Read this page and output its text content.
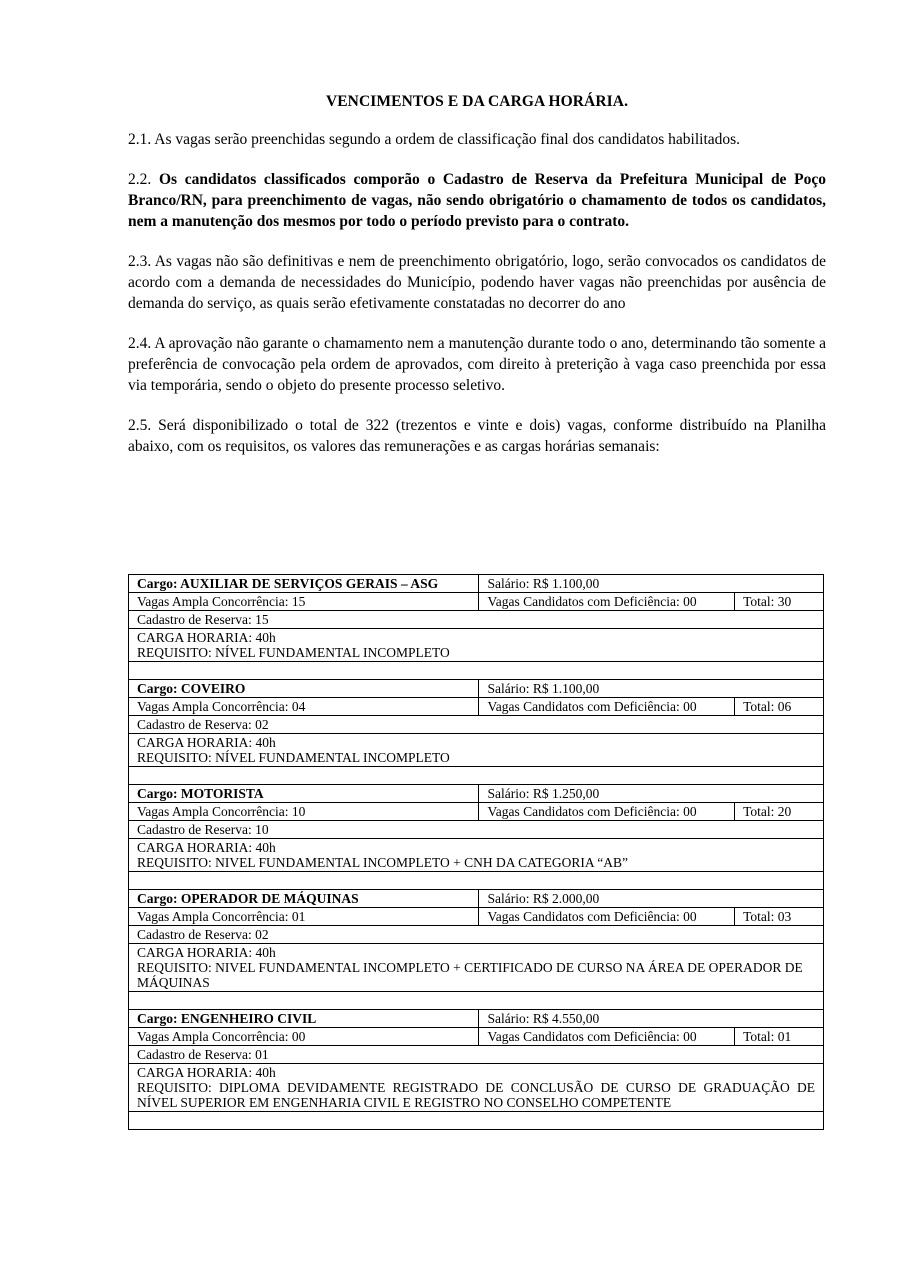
VENCIMENTOS E DA CARGA HORÁRIA.

2.1. As vagas serão preenchidas segundo a ordem de classificação final dos candidatos habilitados.

2.2. Os candidatos classificados comporão o Cadastro de Reserva da Prefeitura Municipal de Poço Branco/RN, para preenchimento de vagas, não sendo obrigatório o chamamento de todos os candidatos, nem a manutenção dos mesmos por todo o período previsto para o contrato.

2.3. As vagas não são definitivas e nem de preenchimento obrigatório, logo, serão convocados os candidatos de acordo com a demanda de necessidades do Município, podendo haver vagas não preenchidas por ausência de demanda do serviço, as quais serão efetivamente constatadas no decorrer do ano

2.4. A aprovação não garante o chamamento nem a manutenção durante todo o ano, determinando tão somente a preferência de convocação pela ordem de aprovados, com direito à preterição à vaga caso preenchida por essa via temporária, sendo o objeto do presente processo seletivo.

2.5. Será disponibilizado o total de 322 (trezentos e vinte e dois) vagas, conforme distribuído na Planilha abaixo, com os requisitos, os valores das remunerações e as cargas horárias semanais:

Cargo: AUXILIAR DE SERVIÇOS GERAIS – ASG	Salário: R$ 1.100,00	
Vagas Ampla Concorrência: 15	Vagas Candidatos com Deficiência: 00	Total: 30
Cadastro de Reserva: 15		

CARGA HORARIA: 40h
REQUISITO: NÍVEL FUNDAMENTAL INCOMPLETO		

Cargo: COVEIRO	Salário: R$ 1.100,00	
Vagas Ampla Concorrência: 04	Vagas Candidatos com Deficiência: 00	Total: 06
Cadastro de Reserva: 02		

CARGA HORARIA: 40h
REQUISITO: NÍVEL FUNDAMENTAL INCOMPLETO		

Cargo: MOTORISTA	Salário: R$ 1.250,00	
Vagas Ampla Concorrência: 10	Vagas Candidatos com Deficiência: 00	Total: 20
Cadastro de Reserva: 10		

CARGA HORARIA: 40h
REQUISITO: NIVEL FUNDAMENTAL INCOMPLETO + CNH DA CATEGORIA “AB”		

Cargo: OPERADOR DE MÁQUINAS	Salário: R$ 2.000,00	
Vagas Ampla Concorrência: 01	Vagas Candidatos com Deficiência: 00	Total: 03
Cadastro de Reserva: 02		

CARGA HORARIA: 40h
REQUISITO: NIVEL FUNDAMENTAL INCOMPLETO + CERTIFICADO DE CURSO NA ÁREA DE OPERADOR DE MÁQUINAS		

Cargo: ENGENHEIRO CIVIL	Salário: R$ 4.550,00	
Vagas Ampla Concorrência: 00	Vagas Candidatos com Deficiência: 00	Total: 01
Cadastro de Reserva: 01		

CARGA HORARIA: 40h
REQUISITO: DIPLOMA DEVIDAMENTE REGISTRADO DE CONCLUSÃO DE CURSO DE GRADUAÇÃO DE NÍVEL SUPERIOR EM ENGENHARIA CIVIL E REGISTRO NO CONSELHO COMPETENTE		
